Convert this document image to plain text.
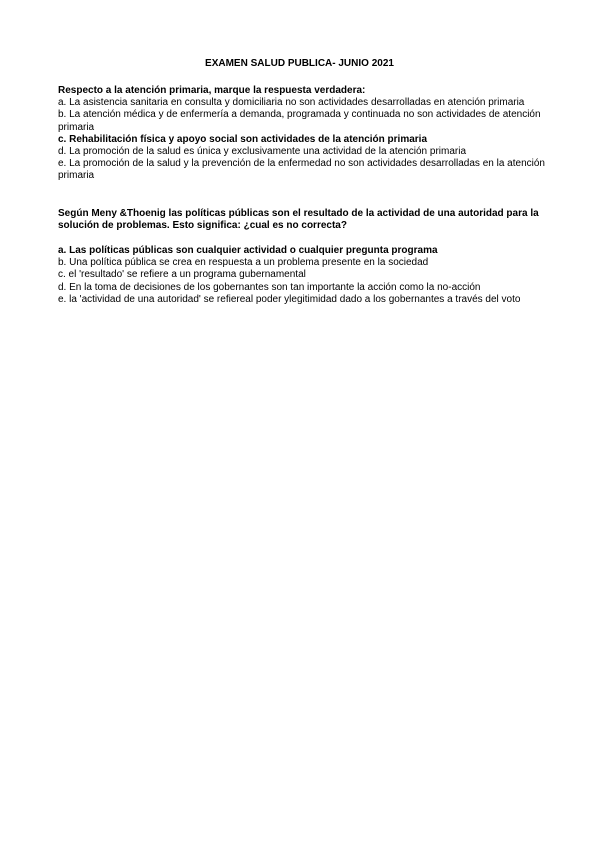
EXAMEN SALUD PUBLICA- JUNIO 2021

Respecto a la atención primaria, marque la respuesta verdadera:

a. La asistencia sanitaria en consulta y domiciliaria no son actividades desarrolladas en atención primaria

b. La atención médica y de enfermería a demanda, programada y continuada no son actividades de atención primaria

c. Rehabilitación física y apoyo social son actividades de la atención primaria

d. La promoción de la salud es única y exclusivamente una actividad de la atención primaria

e. La promoción de la salud y la prevención de la enfermedad no son actividades desarrolladas en la atención primaria

Según Meny &Thoenig las políticas públicas son el resultado de la actividad de una autoridad para la solución de problemas. Esto significa: ¿cual es no correcta?

a. Las políticas públicas son cualquier actividad o cualquier pregunta programa

b. Una política pública se crea en respuesta a un problema presente en la sociedad

c. el 'resultado' se refiere a un programa gubernamental

d. En la toma de decisiones de los gobernantes son tan importante la acción como la no-acción

e. la 'actividad de una autoridad' se refiereal poder ylegitimidad dado a los gobernantes a través del voto
